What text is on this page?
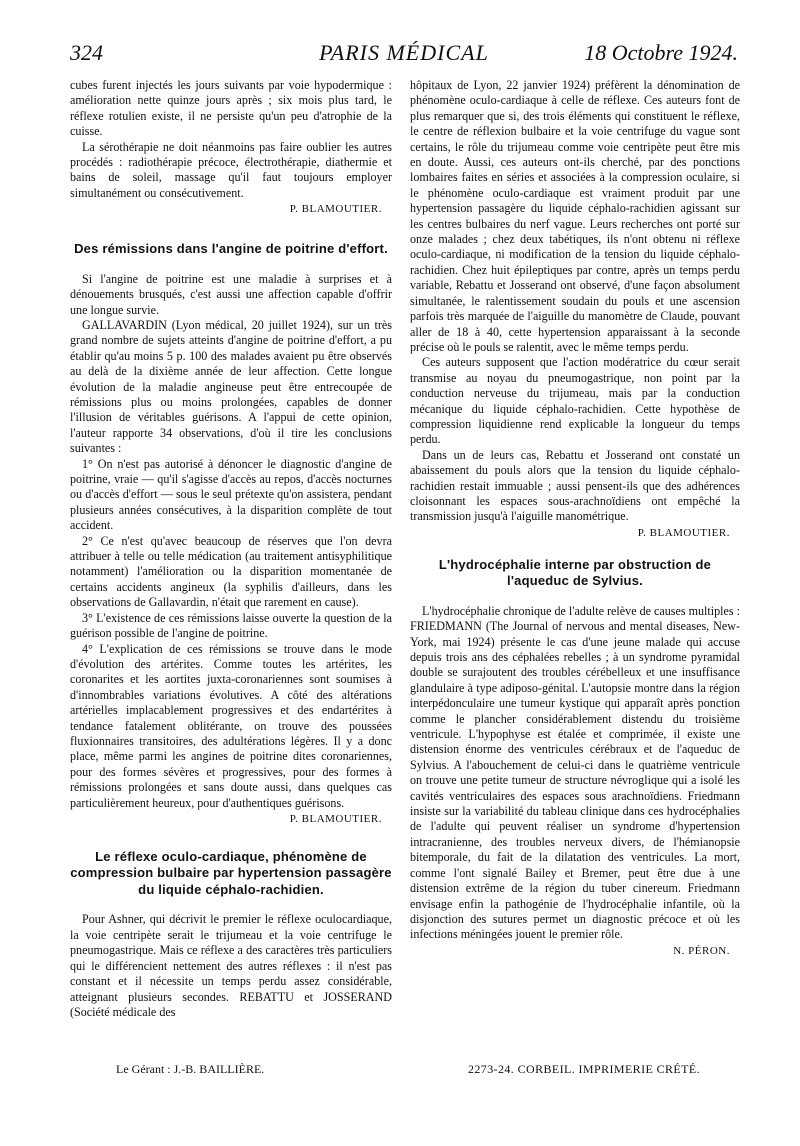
324	PARIS MÉDICAL	18 Octobre 1924.

cubes furent injectés les jours suivants par voie hypodermique : amélioration nette quinze jours après ; six mois plus tard, le réflexe rotulien existe, il ne persiste qu'un peu d'atrophie de la cuisse.

La sérothérapie ne doit néanmoins pas faire oublier les autres procédés : radiothérapie précoce, électrothérapie, diathermie et bains de soleil, massage qu'il faut toujours employer simultanément ou consécutivement.

P. BLAMOUTIER.
Des rémissions dans l'angine de poitrine d'effort.

Si l'angine de poitrine est une maladie à surprises et à dénouements brusqués, c'est aussi une affection capable d'offrir une longue survie.

GALLAVARDIN (Lyon médical, 20 juillet 1924), sur un très grand nombre de sujets atteints d'angine de poitrine d'effort, a pu établir qu'au moins 5 p. 100 des malades avaient pu être observés au delà de la dixième année de leur affection. Cette longue évolution de la maladie angineuse peut être entrecoupée de rémissions plus ou moins prolongées, capables de donner l'illusion de véritables guérisons. A l'appui de cette opinion, l'auteur rapporte 34 observations, d'où il tire les conclusions suivantes :

1° On n'est pas autorisé à dénoncer le diagnostic d'angine de poitrine, vraie — qu'il s'agisse d'accès au repos, d'accès nocturnes ou d'accès d'effort — sous le seul prétexte qu'on assistera, pendant plusieurs années consécutives, à la disparition complète de tout accident.

2° Ce n'est qu'avec beaucoup de réserves que l'on devra attribuer à telle ou telle médication (au traitement antisyphilitique notamment) l'amélioration ou la disparition momentanée de certains accidents angineux (la syphilis d'ailleurs, dans les observations de Gallavardin, n'était que rarement en cause).

3° L'existence de ces rémissions laisse ouverte la question de la guérison possible de l'angine de poitrine.

4° L'explication de ces rémissions se trouve dans le mode d'évolution des artérites. Comme toutes les artérites, les coronarites et les aortites juxta-coronariennes sont soumises à d'innombrables variations évolutives. A côté des altérations artérielles implacablement progressives et des endartérites à tendance fatalement oblitérante, on trouve des poussées fluxionnaires transitoires, des adultérations légères. Il y a donc place, même parmi les angines de poitrine dites coronariennes, pour des formes sévères et progressives, pour des formes à rémissions prolongées et sans doute aussi, dans quelques cas particulièrement heureux, pour d'authentiques guérisons.

P. BLAMOUTIER.
Le réflexe oculo-cardiaque, phénomène de compression bulbaire par hypertension passagère du liquide céphalo-rachidien.

Pour Ashner, qui décrivit le premier le réflexe oculocardiaque, la voie centripète serait le trijumeau et la voie centrifuge le pneumogastrique. Mais ce réflexe a des caractères très particuliers qui le différencient nettement des autres réflexes : il n'est pas constant et il nécessite un temps perdu assez considérable, atteignant plusieurs secondes. REBATTU et JOSSERAND (Société médicale des

hôpitaux de Lyon, 22 janvier 1924) préfèrent la dénomination de phénomène oculo-cardiaque à celle de réflexe. Ces auteurs font de plus remarquer que si, des trois éléments qui constituent le réflexe, le centre de réflexion bulbaire et la voie centrifuge du vague sont certains, le rôle du trijumeau comme voie centripète peut être mis en doute. Aussi, ces auteurs ont-ils cherché, par des ponctions lombaires faites en séries et associées à la compression oculaire, si le phénomène oculo-cardiaque est vraiment produit par une hypertension passagère du liquide céphalo-rachidien agissant sur les centres bulbaires du nerf vague. Leurs recherches ont porté sur onze malades ; chez deux tabétiques, ils n'ont obtenu ni réflexe oculo-cardiaque, ni modification de la tension du liquide céphalo-rachidien. Chez huit épileptiques par contre, après un temps perdu variable, Rebattu et Josserand ont observé, d'une façon absolument simultanée, le ralentissement soudain du pouls et une ascension parfois très marquée de l'aiguille du manomètre de Claude, pouvant aller de 18 à 40, cette hypertension apparaissant à la seconde précise où le pouls se ralentit, avec le même temps perdu.

Ces auteurs supposent que l'action modératrice du cœur serait transmise au noyau du pneumogastrique, non point par la conduction nerveuse du trijumeau, mais par la conduction mécanique du liquide céphalo-rachidien. Cette hypothèse de compression liquidienne rend explicable la longueur du temps perdu.

Dans un de leurs cas, Rebattu et Josserand ont constaté un abaissement du pouls alors que la tension du liquide céphalo-rachidien restait immuable ; aussi pensent-ils que des adhérences cloisonnant les espaces sous-arachnoïdiens ont empêché la transmission jusqu'à l'aiguille manométrique.

P. BLAMOUTIER.
L'hydrocéphalie interne par obstruction de l'aqueduc de Sylvius.

L'hydrocéphalie chronique de l'adulte relève de causes multiples : FRIEDMANN (The Journal of nervous and mental diseases, New-York, mai 1924) présente le cas d'une jeune malade qui accuse depuis trois ans des céphalées rebelles ; à un syndrome pyramidal double se surajoutent des troubles cérébelleux et une insuffisance glandulaire à type adiposo-génital. L'autopsie montre dans la région interpédonculaire une tumeur kystique qui apparaît après ponction comme le plancher considérablement distendu du troisième ventricule. L'hypophyse est étalée et comprimée, il existe une distension énorme des ventricules cérébraux et de l'aqueduc de Sylvius. A l'abouchement de celui-ci dans le quatrième ventricule on trouve une petite tumeur de structure névroglique qui a isolé les cavités ventriculaires des espaces sous arachnoïdiens. Friedmann insiste sur la variabilité du tableau clinique dans ces hydrocéphalies de l'adulte qui peuvent réaliser un syndrome d'hypertension intracranienne, des troubles nerveux divers, de l'hémianopsie bitemporale, du fait de la dilatation des ventricules. La mort, comme l'ont signalé Bailey et Bremer, peut être due à une distension extrême de la région du tuber cinereum. Friedmann envisage enfin la pathogénie de l'hydrocéphalie infantile, où la disjonction des sutures permet un diagnostic précoce et où les infections méningées jouent le premier rôle.

N. PÉRON.
Le Gérant : J.-B. BAILLIÈRE.	2273-24. CORBEIL. IMPRIMERIE CRÉTÉ.
